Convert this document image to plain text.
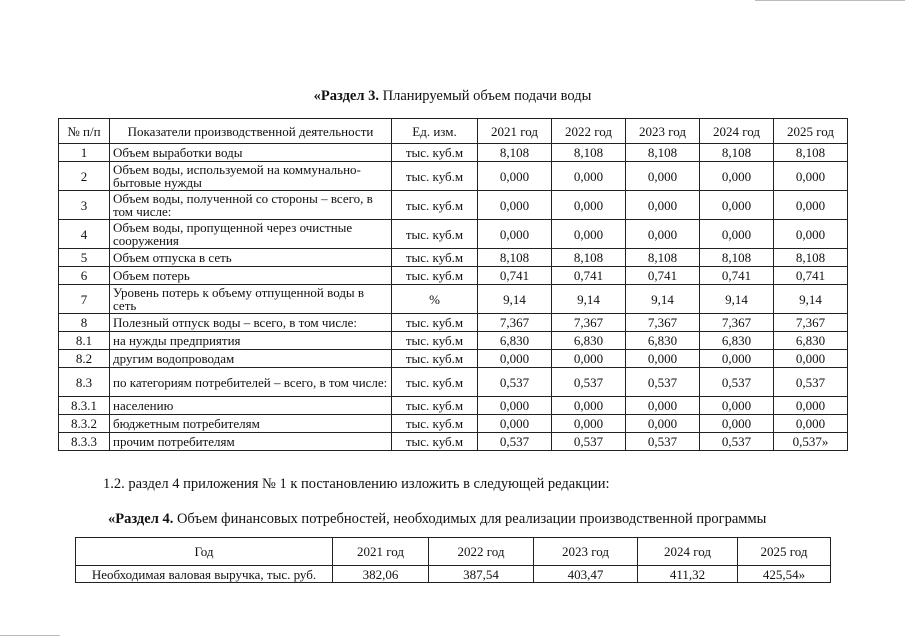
«Раздел 3. Планируемый объем подачи воды
№ п/п	Показатели производственной деятельности	Ед. изм.	2021 год	2022 год	2023 год	2024 год	2025 год
1	Объем выработки воды	тыс. куб.м	8,108	8,108	8,108	8,108	8,108
2	Объем воды, используемой на коммунально-бытовые нужды	тыс. куб.м	0,000	0,000	0,000	0,000	0,000
3	Объем воды, полученной со стороны – всего, в том числе:	тыс. куб.м	0,000	0,000	0,000	0,000	0,000
4	Объем воды, пропущенной через очистные сооружения	тыс. куб.м	0,000	0,000	0,000	0,000	0,000
5	Объем отпуска в сеть	тыс. куб.м	8,108	8,108	8,108	8,108	8,108
6	Объем потерь	тыс. куб.м	0,741	0,741	0,741	0,741	0,741
7	Уровень потерь к объему отпущенной воды в сеть	%	9,14	9,14	9,14	9,14	9,14
8	Полезный отпуск воды – всего, в том числе:	тыс. куб.м	7,367	7,367	7,367	7,367	7,367
8.1	на нужды предприятия	тыс. куб.м	6,830	6,830	6,830	6,830	6,830
8.2	другим водопроводам	тыс. куб.м	0,000	0,000	0,000	0,000	0,000
8.3	по категориям потребителей – всего, в том числе:	тыс. куб.м	0,537	0,537	0,537	0,537	0,537
8.3.1	населению	тыс. куб.м	0,000	0,000	0,000	0,000	0,000
8.3.2	бюджетным потребителям	тыс. куб.м	0,000	0,000	0,000	0,000	0,000
8.3.3	прочим потребителям	тыс. куб.м	0,537	0,537	0,537	0,537	0,537»
1.2. раздел 4 приложения № 1 к постановлению изложить в следующей редакции:
«Раздел 4. Объем финансовых потребностей, необходимых для реализации производственной программы
Год	2021 год	2022 год	2023 год	2024 год	2025 год
Необходимая валовая выручка, тыс. руб.	382,06	387,54	403,47	411,32	425,54»
